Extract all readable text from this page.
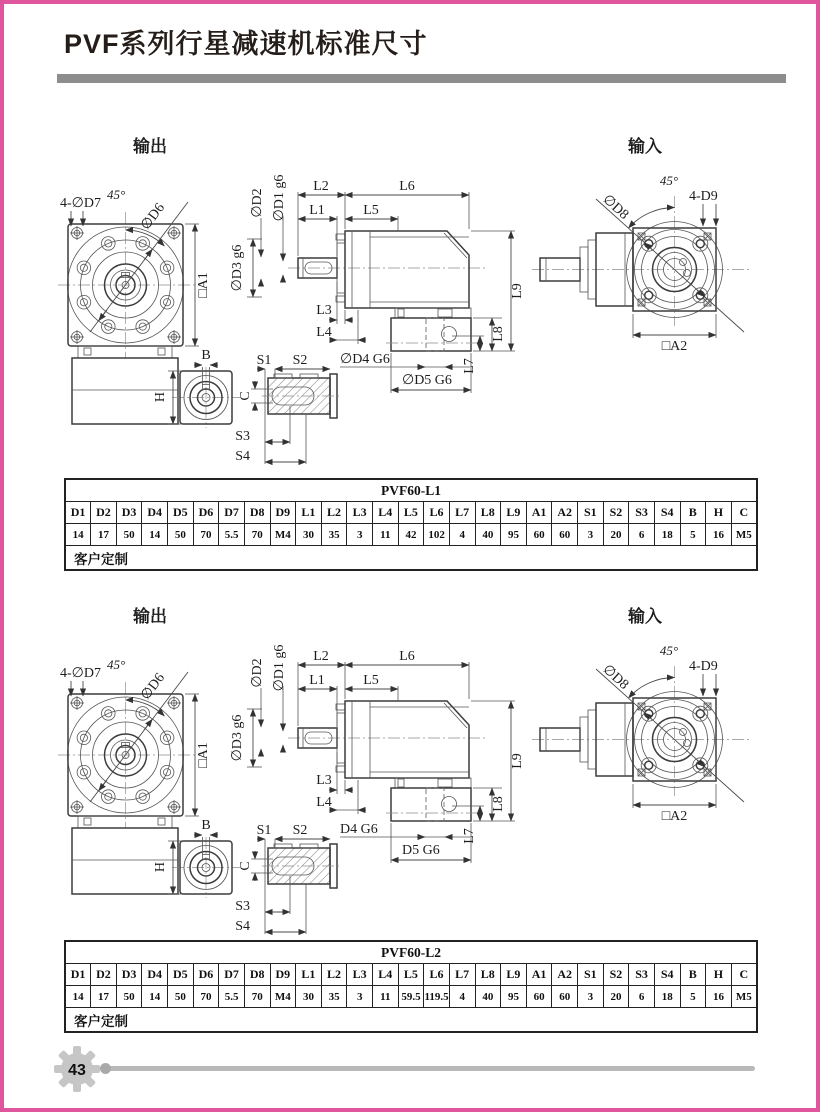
PVF系列行星减速机标准尺寸
输出
4-∅D7
45°
∅D6
□A1
L2	L6
L1	L5
∅D2 ∅D1 g6
∅D3 g6
L3
L4
∅D4 G6
∅D5 G6
L9
L8
L7
输入
∅D8
45°
4-D9
□A2
B
H
S1 S2
C
S3
S4
输出
4-∅D7
45°
∅D6
□A1
L2	L6
L1	L5
∅D2 ∅D1 g6
∅D3 g6
L3
L4
D4 G6
D5 G6
L9
L8
L7
输入
∅D8
45°
4-D9
□A2
B
H
S1 S2
C
S3
S4
PVF60-L1																										
D1	D2	D3	D4	D5	D6	D7	D8	D9	L1	L2	L3	L4	L5	L6	L7	L8	L9	A1	A2	S1	S2	S3	S4	B	H	C
14	17	50	14	50	70	5.5	70	M4	30	35	3	11	42	102	4	40	95	60	60	3	20	6	18	5	16	M5
客户定制																										
PVF60-L2																										
D1	D2	D3	D4	D5	D6	D7	D8	D9	L1	L2	L3	L4	L5	L6	L7	L8	L9	A1	A2	S1	S2	S3	S4	B	H	C
14	17	50	14	50	70	5.5	70	M4	30	35	3	11	59.5	119.5	4	40	95	60	60	3	20	6	18	5	16	M5
客户定制																										
43
